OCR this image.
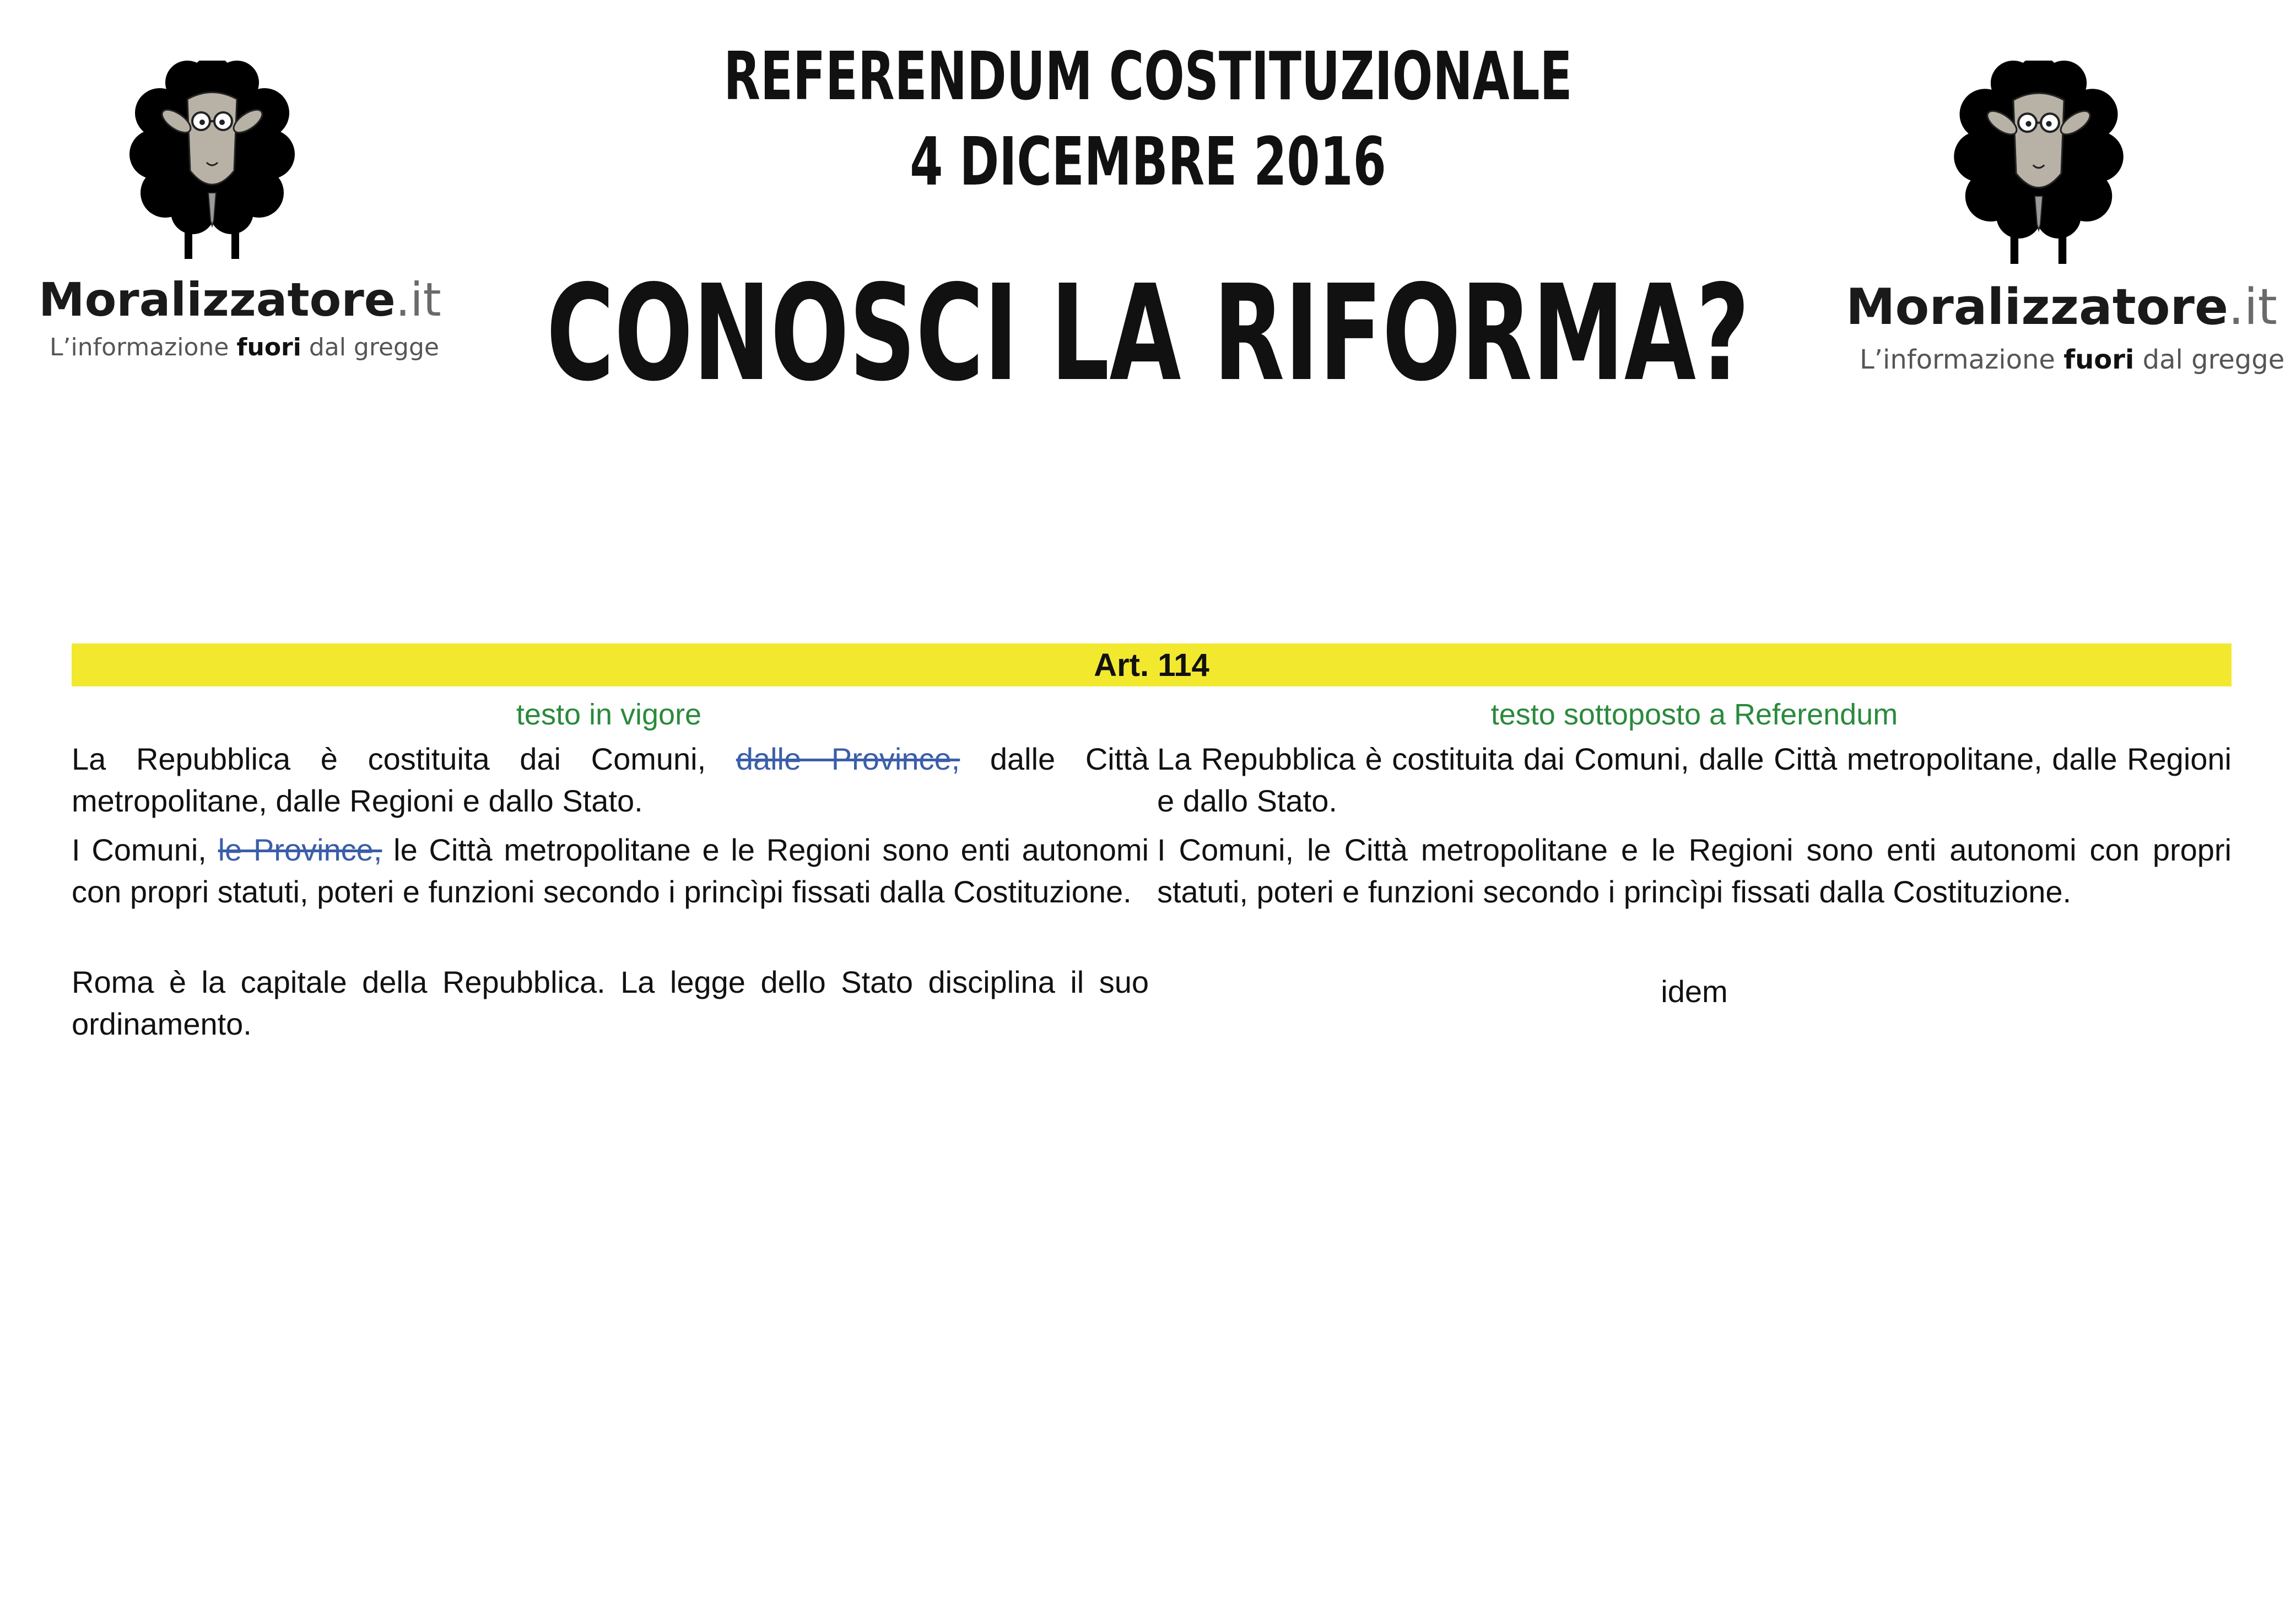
REFERENDUM COSTITUZIONALE
4 DICEMBRE 2016
CONOSCI LA RIFORMA?
Moralizzatore.it
L’informazione fuori dal gregge
Moralizzatore.it
L’informazione fuori dal gregge
Art. 114
testo in vigore	testo sottoposto a Referendum
La Repubblica è costituita dai Comuni, dalle Province, dalle Città metropolitane, dalle Regioni e dallo Stato.
I Comuni, le Province, le Città metropolitane e le Regioni sono enti autonomi con propri statuti, poteri e funzioni secondo i princìpi fissati dalla Costituzione.
Roma è la capitale della Repubblica. La legge dello Stato disciplina il suo ordinamento.
La Repubblica è costituita dai Comuni, dalle Città metropolitane, dalle Regioni e dallo Stato.
I Comuni, le Città metropolitane e le Regioni sono enti autonomi con propri statuti, poteri e funzioni secondo i princìpi fissati dalla Costituzione.
idem
